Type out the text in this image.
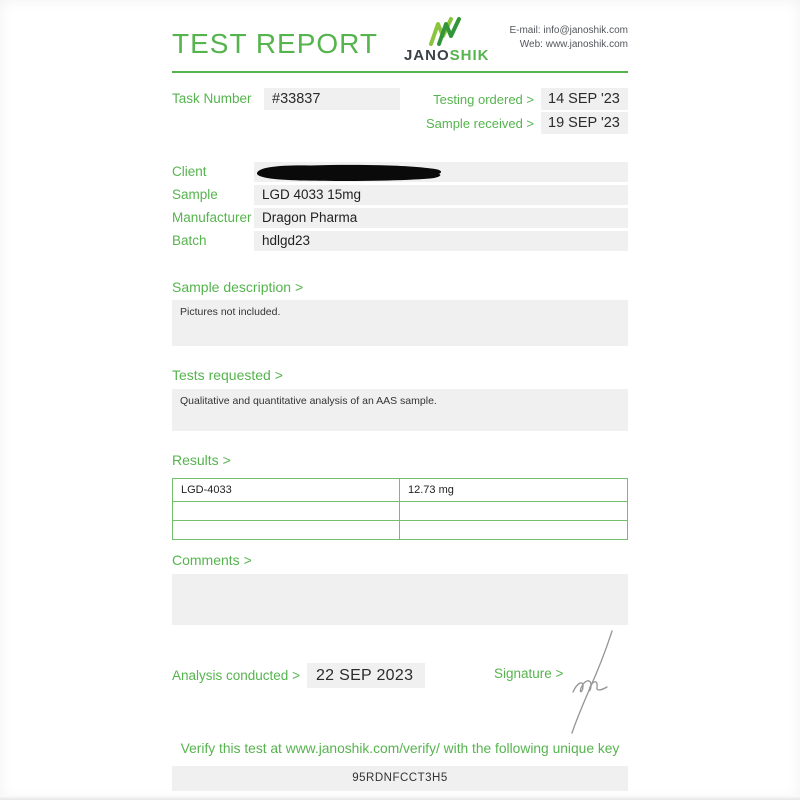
TEST REPORT JANOSHIK
E-mail: info@janoshik.com
Web: www.janoshik.com
Task Number	#33837	Testing ordered > 14 SEP '23
Sample received > 19 SEP '23
Client
Sample	LGD 4033 15mg
Manufacturer Dragon Pharma
Batch	hdlgd23
Sample description >
Pictures not included.
Tests requested >
Qualitative and quantitative analysis of an AAS sample.
Results >
LGD-4033	12.73 mg

Comments >
Analysis conducted >	22 SEP 2023	Signature >
Verify this test at www.janoshik.com/verify/ with the following unique key
95RDNFCCT3H5
